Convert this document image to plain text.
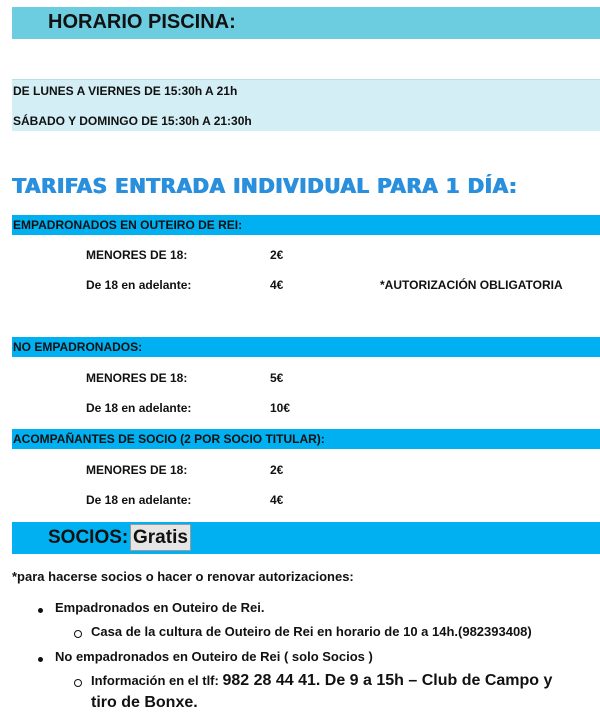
HORARIO PISCINA:
DE LUNES A VIERNES DE 15:30h A 21h
SÁBADO Y DOMINGO DE 15:30h A 21:30h
TARIFAS ENTRADA INDIVIDUAL PARA 1 DÍA:
EMPADRONADOS EN OUTEIRO DE REI:
MENORES DE 18:	2€
De 18 en adelante:	4€	*AUTORIZACIÓN OBLIGATORIA
NO EMPADRONADOS:
MENORES DE 18:	5€
De 18 en adelante:	10€
ACOMPAÑANTES DE SOCIO (2 POR SOCIO TITULAR):
MENORES DE 18:	2€
De 18 en adelante:	4€
SOCIOS: Gratis
*para hacerse socios o hacer o renovar autorizaciones:
Empadronados en Outeiro de Rei.
Casa de la cultura de Outeiro de Rei en horario de 10 a 14h.(982393408)
No empadronados en Outeiro de Rei ( solo Socios )
Información en el tlf: 982 28 44 41. De 9 a 15h – Club de Campo y
tiro de Bonxe.
